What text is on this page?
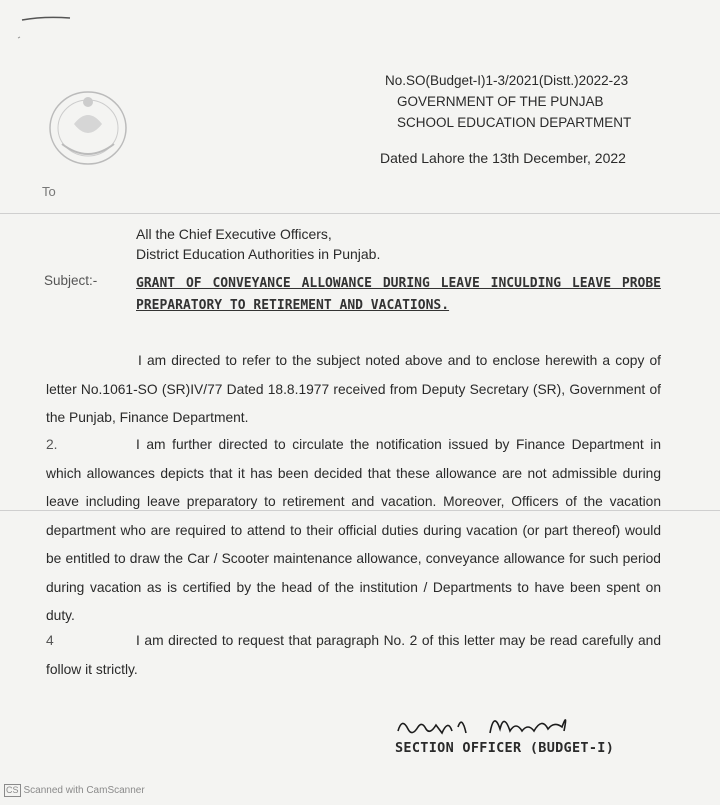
No.SO(Budget-I)1-3/2021(Distt.)2022-23
GOVERNMENT OF THE PUNJAB
SCHOOL EDUCATION DEPARTMENT
Dated Lahore the 13th December, 2022
To
All the Chief Executive Officers,
District Education Authorities in Punjab.
Subject:-	GRANT OF CONVEYANCE ALLOWANCE DURING LEAVE INCULDING LEAVE PROBE PREPARATORY TO RETIREMENT AND VACATIONS.
I am directed to refer to the subject noted above and to enclose herewith a copy of letter No.1061-SO (SR)IV/77 Dated 18.8.1977 received from Deputy Secretary (SR), Government of the Punjab, Finance Department.
2.	I am further directed to circulate the notification issued by Finance Department in which allowances depicts that it has been decided that these allowance are not admissible during leave including leave preparatory to retirement and vacation. Moreover, Officers of the vacation department who are required to attend to their official duties during vacation (or part thereof) would be entitled to draw the Car / Scooter maintenance allowance, conveyance allowance for such period during vacation as is certified by the head of the institution / Departments to have been spent on duty.
4	I am directed to request that paragraph No. 2 of this letter may be read carefully and follow it strictly.
SECTION OFFICER (BUDGET-I)
CS Scanned with CamScanner
